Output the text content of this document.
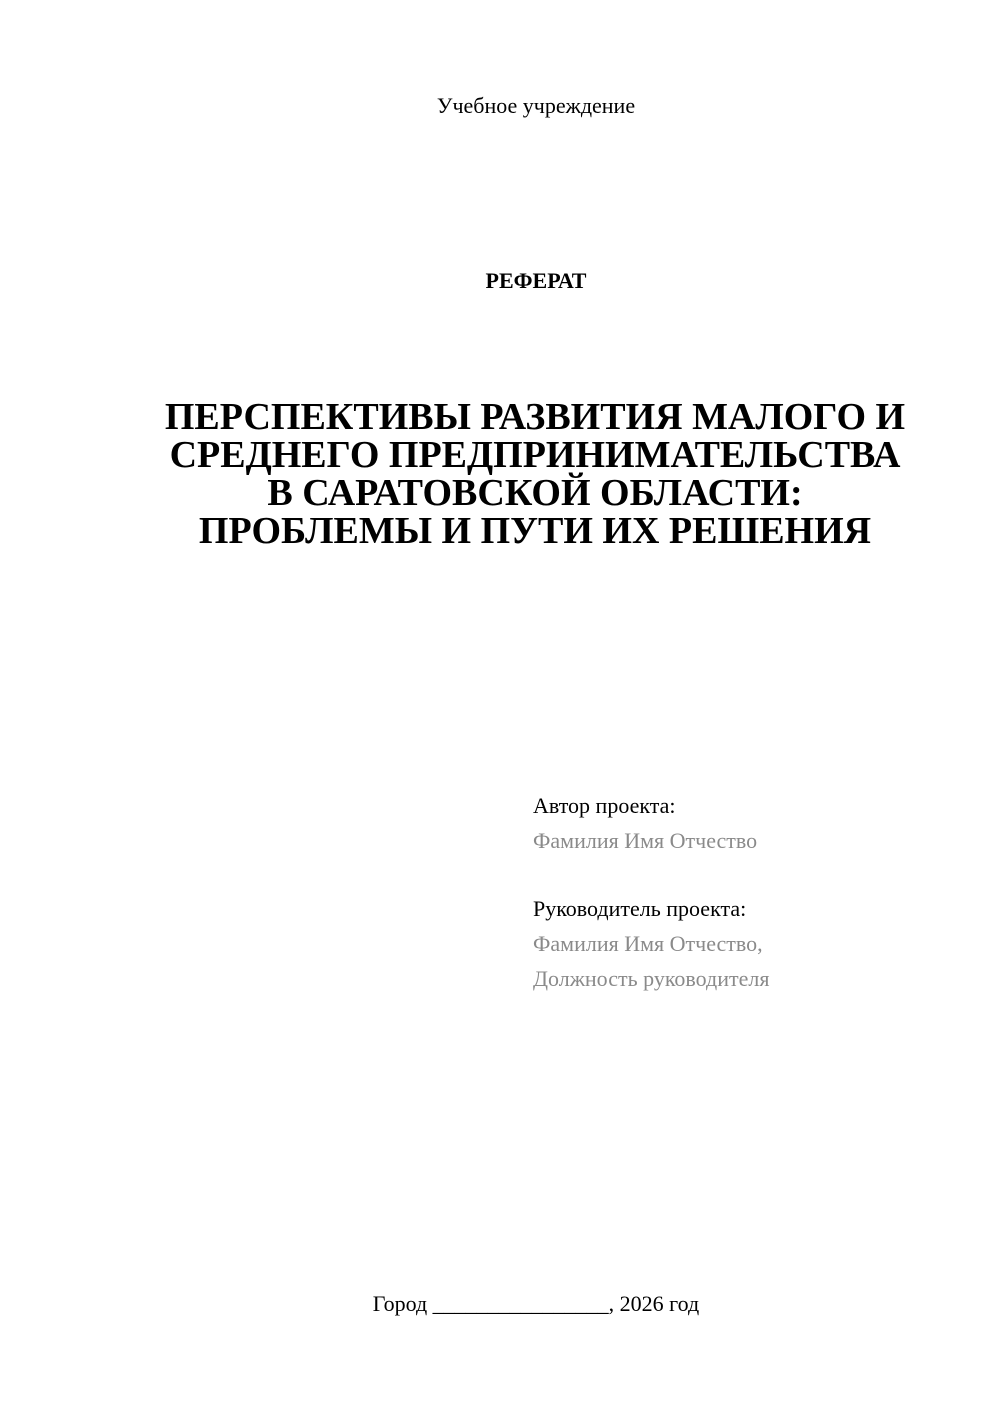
Учебное учреждение
РЕФЕРАТ
ПЕРСПЕКТИВЫ РАЗВИТИЯ МАЛОГО И
СРЕДНЕГО ПРЕДПРИНИМАТЕЛЬСТВА
В САРАТОВСКОЙ ОБЛАСТИ:
ПРОБЛЕМЫ И ПУТИ ИХ РЕШЕНИЯ
Автор проекта:
Фамилия Имя Отчество
Руководитель проекта:
Фамилия Имя Отчество,
Должность руководителя
Город ________________, 2026 год
